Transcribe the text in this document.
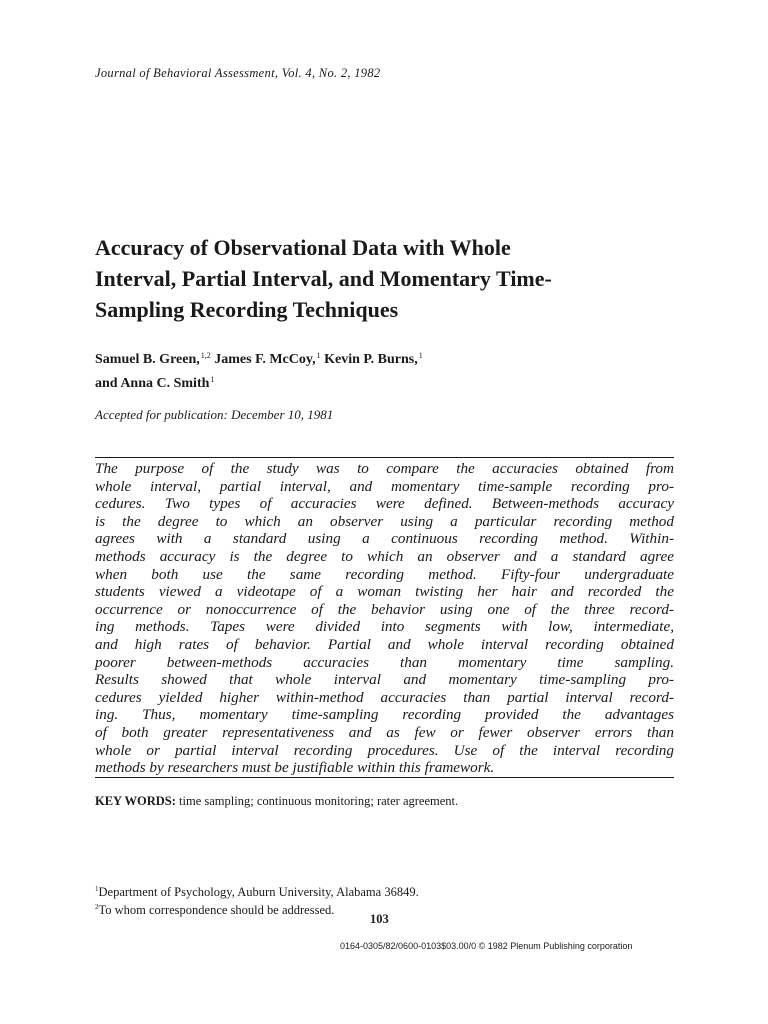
Journal of Behavioral Assessment, Vol. 4, No. 2, 1982
Accuracy of Observational Data with Whole
Interval, Partial Interval, and Momentary Time-
Sampling Recording Techniques
Samuel B. Green,$^{1,2}$ James F. McCoy,$^1$ Kevin P. Burns,$^1$
and Anna C. Smith$^1$
Accepted for publication: December 10, 1981
The purpose of the study was to compare the accuracies obtained from
whole interval, partial interval, and momentary time-sample recording pro-
cedures. Two types of accuracies were defined. Between-methods accuracy
is the degree to which an observer using a particular recording method
agrees with a standard using a continuous recording method. Within-
methods accuracy is the degree to which an observer and a standard agree
when both use the same recording method. Fifty-four undergraduate
students viewed a videotape of a woman twisting her hair and recorded the
occurrence or nonoccurrence of the behavior using one of the three record-
ing methods. Tapes were divided into segments with low, intermediate,
and high rates of behavior. Partial and whole interval recording obtained
poorer between-methods accuracies than momentary time sampling.
Results showed that whole interval and momentary time-sampling pro-
cedures yielded higher within-method accuracies than partial interval record-
ing. Thus, momentary time-sampling recording provided the advantages
of both greater representativeness and as few or fewer observer errors than
whole or partial interval recording procedures. Use of the interval recording
methods by researchers must be justifiable within this framework.
KEY WORDS: time sampling; continuous monitoring; rater agreement.
$^1$Department of Psychology, Auburn University, Alabama 36849.
$^2$To whom correspondence should be addressed.
103
0164-0305/82/0600-0103$03.00/0 © 1982 Plenum Publishing corporation
